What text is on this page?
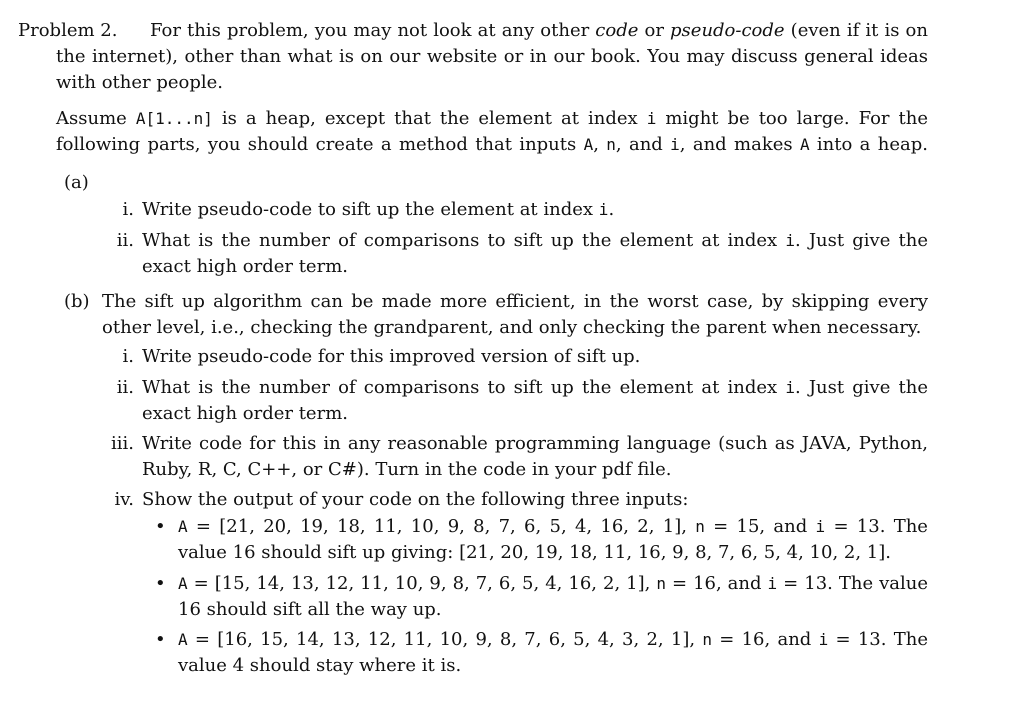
Problem 2. For this problem, you may not look at any other code or pseudo-code (even if it is on
the internet), other than what is on our website or in our book. You may discuss general ideas
with other people.
Assume A[1...n] is a heap, except that the element at index i might be too large. For the
following parts, you should create a method that inputs A, n, and i, and makes A into a heap.
(a)
i. Write pseudo-code to sift up the element at index i.
ii. What is the number of comparisons to sift up the element at index i. Just give the
exact high order term.
(b) The sift up algorithm can be made more efficient, in the worst case, by skipping every
other level, i.e., checking the grandparent, and only checking the parent when necessary.
i. Write pseudo-code for this improved version of sift up.
ii. What is the number of comparisons to sift up the element at index i. Just give the
exact high order term.
iii. Write code for this in any reasonable programming language (such as JAVA, Python,
Ruby, R, C, C++, or C#). Turn in the code in your pdf file.
iv. Show the output of your code on the following three inputs:
• A = [21, 20, 19, 18, 11, 10, 9, 8, 7, 6, 5, 4, 16, 2, 1], n = 15, and i = 13. The
value 16 should sift up giving: [21, 20, 19, 18, 11, 16, 9, 8, 7, 6, 5, 4, 10, 2, 1].
• A = [15, 14, 13, 12, 11, 10, 9, 8, 7, 6, 5, 4, 16, 2, 1], n = 16, and i = 13. The value
16 should sift all the way up.
• A = [16, 15, 14, 13, 12, 11, 10, 9, 8, 7, 6, 5, 4, 3, 2, 1], n = 16, and i = 13. The
value 4 should stay where it is.
